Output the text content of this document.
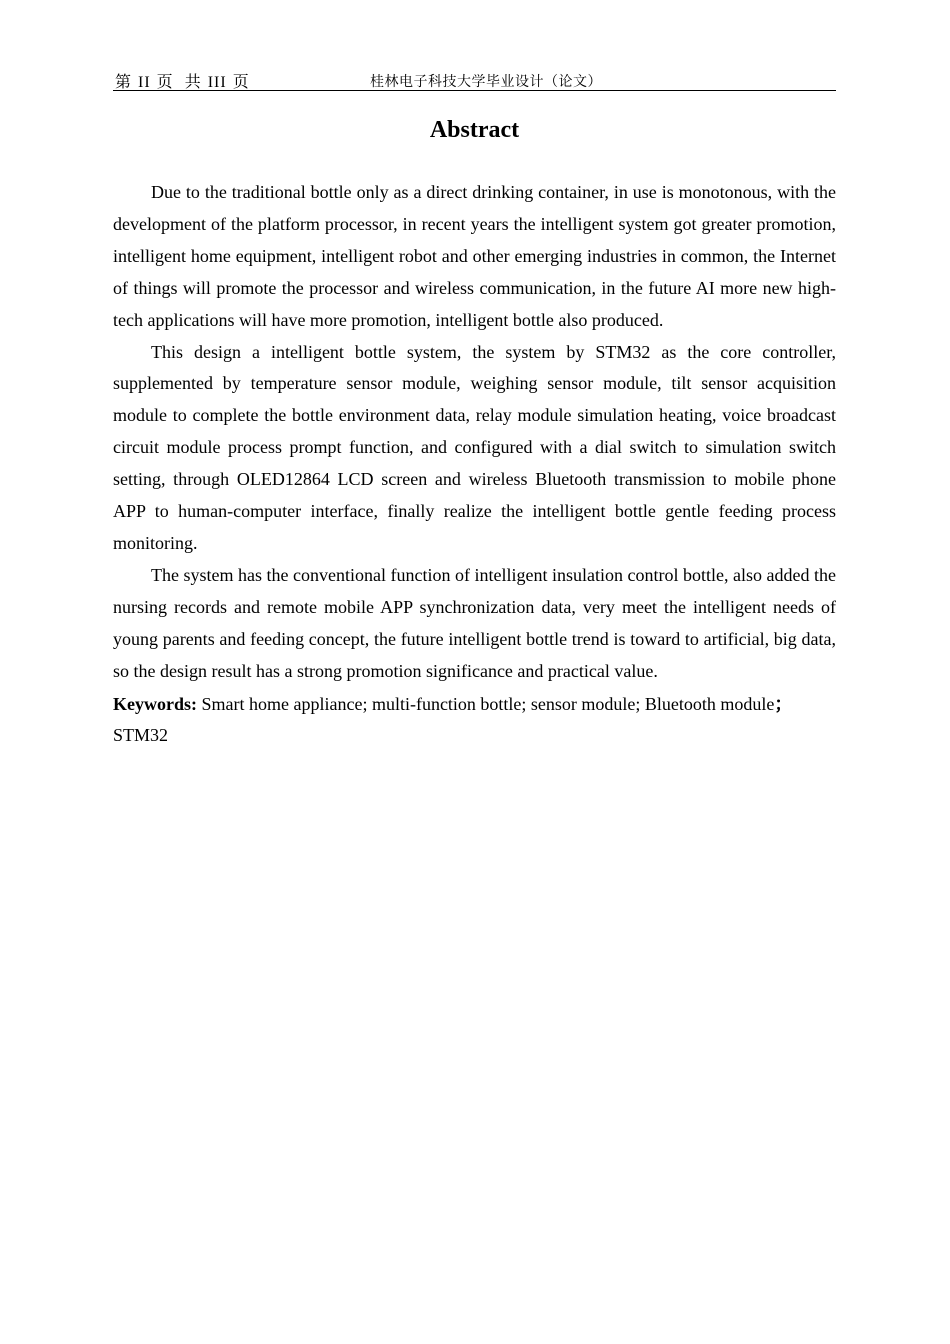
第 II 页 共 III 页	桂林电子科技大学毕业设计（论文）
Abstract

Due to the traditional bottle only as a direct drinking container, in use is monotonous, with the development of the platform processor, in recent years the intelligent system got greater promotion, intelligent home equipment, intelligent robot and other emerging industries in common, the Internet of things will promote the processor and wireless communication, in the future AI more new high-tech applications will have more promotion, intelligent bottle also produced.

This design a intelligent bottle system, the system by STM32 as the core controller, supplemented by temperature sensor module, weighing sensor module, tilt sensor acquisition module to complete the bottle environment data, relay module simulation heating, voice broadcast circuit module process prompt function, and configured with a dial switch to simulation switch setting, through OLED12864 LCD screen and wireless Bluetooth transmission to mobile phone APP to human-computer interface, finally realize the intelligent bottle gentle feeding process monitoring.

The system has the conventional function of intelligent insulation control bottle, also added the nursing records and remote mobile APP synchronization data, very meet the intelligent needs of young parents and feeding concept, the future intelligent bottle trend is toward to artificial, big data, so the design result has a strong promotion significance and practical value.

Keywords: Smart home appliance; multi-function bottle; sensor module; Bluetooth module；
STM32
